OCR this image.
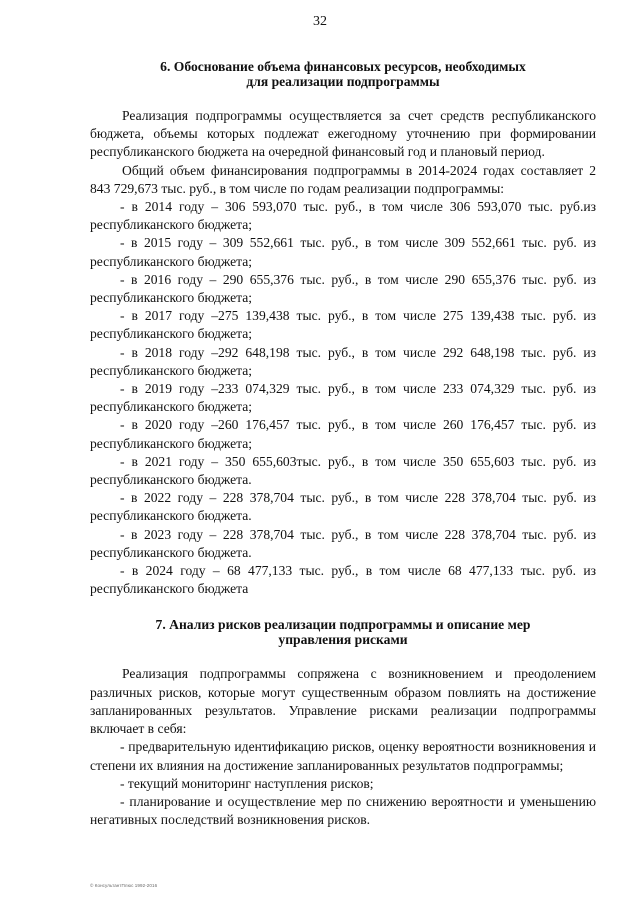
32
6. Обоснование объема финансовых ресурсов, необходимых
для реализации подпрограммы

Реализация подпрограммы осуществляется за счет средств республиканского бюджета, объемы которых подлежат ежегодному уточнению при формировании республиканского бюджета на очередной финансовый год и плановый период.

Общий объем финансирования подпрограммы в 2014-2024 годах составляет 2 843 729,673 тыс. руб., в том числе по годам реализации подпрограммы:

- в 2014 году – 306 593,070 тыс. руб., в том числе 306 593,070 тыс. руб.из республиканского бюджета;

- в 2015 году – 309 552,661 тыс. руб., в том числе 309 552,661 тыс. руб. из республиканского бюджета;

- в 2016 году – 290 655,376 тыс. руб., в том числе 290 655,376 тыс. руб. из республиканского бюджета;

- в 2017 году –275 139,438 тыс. руб., в том числе 275 139,438 тыс. руб. из республиканского бюджета;

- в 2018 году –292 648,198 тыс. руб., в том числе 292 648,198 тыс. руб. из республиканского бюджета;

- в 2019 году –233 074,329 тыс. руб., в том числе 233 074,329 тыс. руб. из республиканского бюджета;

- в 2020 году –260 176,457 тыс. руб., в том числе 260 176,457 тыс. руб. из республиканского бюджета;

- в 2021 году – 350 655,603тыс. руб., в том числе 350 655,603 тыс. руб. из республиканского бюджета.

- в 2022 году – 228 378,704 тыс. руб., в том числе 228 378,704 тыс. руб. из республиканского бюджета.

- в 2023 году – 228 378,704 тыс. руб., в том числе 228 378,704 тыс. руб. из республиканского бюджета.

- в 2024 году – 68 477,133 тыс. руб., в том числе 68 477,133 тыс. руб. из республиканского бюджета

7. Анализ рисков реализации подпрограммы и описание мер
управления рисками

Реализация подпрограммы сопряжена с возникновением и преодолением различных рисков, которые могут существенным образом повлиять на достижение запланированных результатов. Управление рисками реализации подпрограммы включает в себя:

- предварительную идентификацию рисков, оценку вероятности возникновения и степени их влияния на достижение запланированных результатов подпрограммы;

- текущий мониторинг наступления рисков;

- планирование и осуществление мер по снижению вероятности и уменьшению негативных последствий возникновения рисков.

© КонсультантПлюс 1992-2016
